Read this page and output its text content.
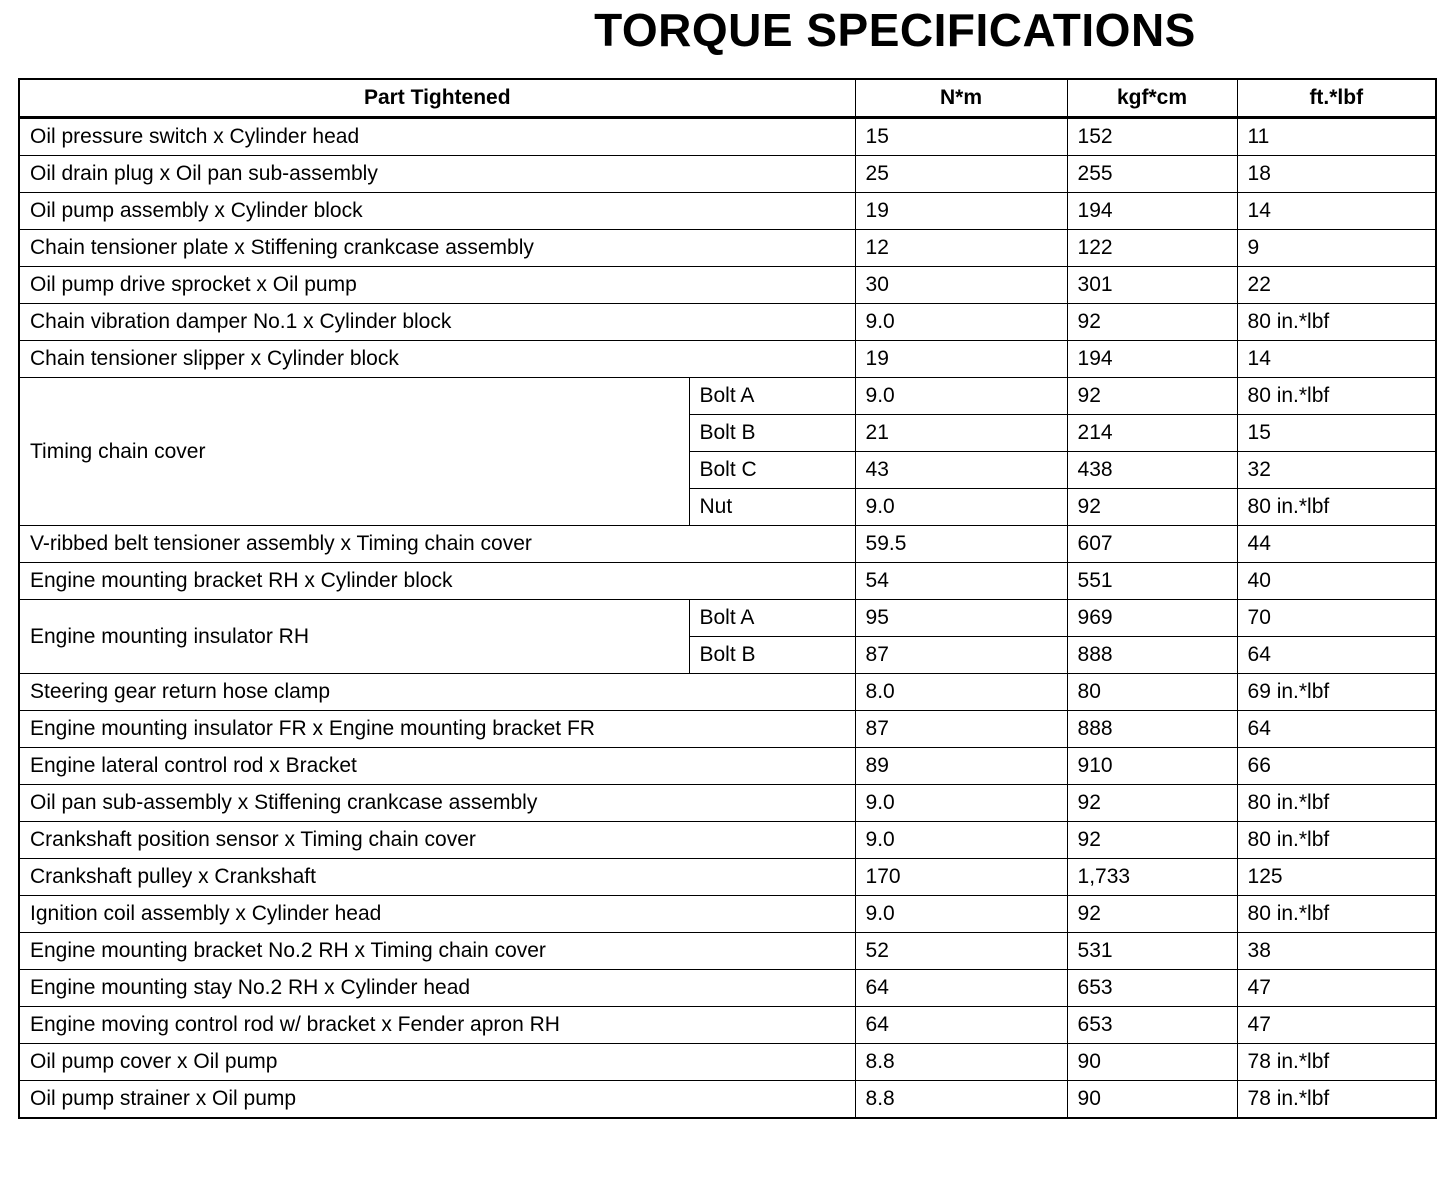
TORQUE SPECIFICATIONS
Part Tightened		N*m	kgf*cm	ft.*lbf
Oil pressure switch x Cylinder head		15	152	11
Oil drain plug x Oil pan sub-assembly		25	255	18
Oil pump assembly x Cylinder block		19	194	14
Chain tensioner plate x Stiffening crankcase assembly		12	122	9
Oil pump drive sprocket x Oil pump		30	301	22
Chain vibration damper No.1 x Cylinder block		9.0	92	80 in.*lbf
Chain tensioner slipper x Cylinder block		19	194	14
Timing chain cover	Bolt A	9.0	92	80 in.*lbf
	Bolt B	21	214	15
	Bolt C	43	438	32
	Nut	9.0	92	80 in.*lbf
V-ribbed belt tensioner assembly x Timing chain cover		59.5	607	44
Engine mounting bracket RH x Cylinder block		54	551	40
Engine mounting insulator RH	Bolt A	95	969	70
	Bolt B	87	888	64
Steering gear return hose clamp		8.0	80	69 in.*lbf
Engine mounting insulator FR x Engine mounting bracket FR		87	888	64
Engine lateral control rod x Bracket		89	910	66
Oil pan sub-assembly x Stiffening crankcase assembly		9.0	92	80 in.*lbf
Crankshaft position sensor x Timing chain cover		9.0	92	80 in.*lbf
Crankshaft pulley x Crankshaft		170	1,733	125
Ignition coil assembly x Cylinder head		9.0	92	80 in.*lbf
Engine mounting bracket No.2 RH x Timing chain cover		52	531	38
Engine mounting stay No.2 RH x Cylinder head		64	653	47
Engine moving control rod w/ bracket x Fender apron RH		64	653	47
Oil pump cover x Oil pump		8.8	90	78 in.*lbf
Oil pump strainer x Oil pump		8.8	90	78 in.*lbf
